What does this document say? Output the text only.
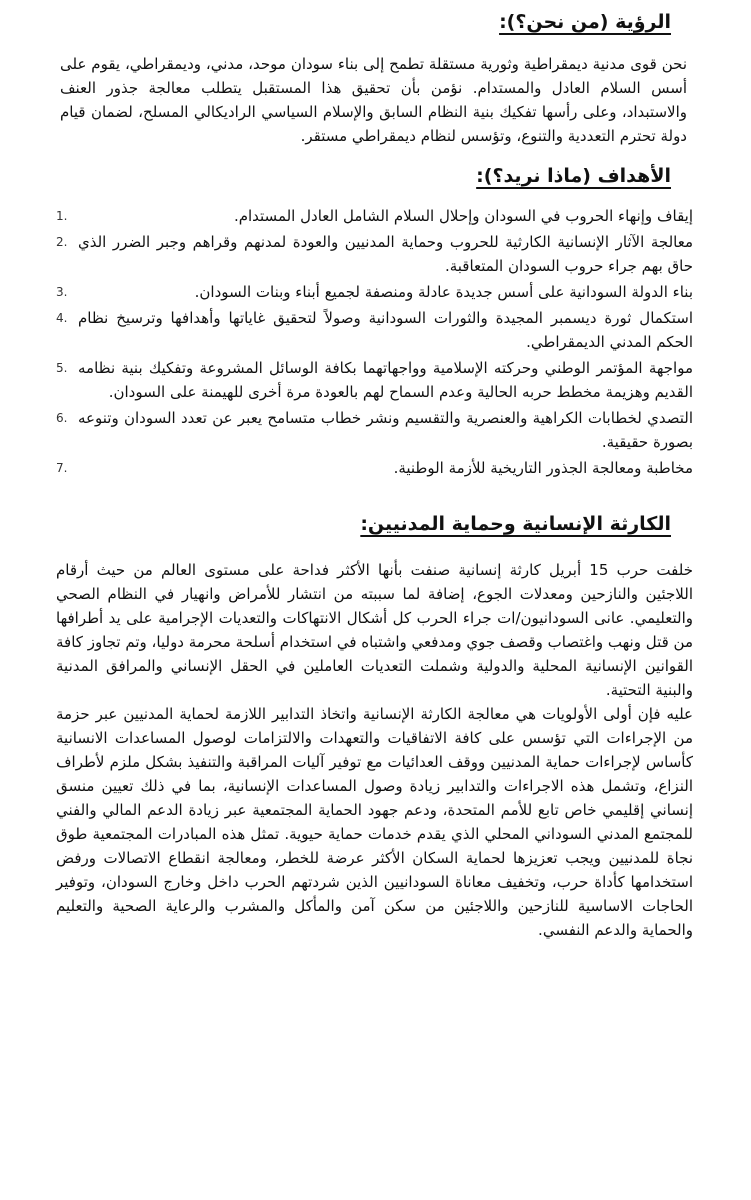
الرؤية (من نحن؟):

نحن قوى مدنية ديمقراطية وثورية مستقلة تطمح إلى بناء سودان موحد، مدني، وديمقراطي، يقوم على أسس السلام العادل والمستدام. نؤمن بأن تحقيق هذا المستقبل يتطلب معالجة جذور العنف والاستبداد، وعلى رأسها تفكيك بنية النظام السابق والإسلام السياسي الراديكالي المسلح، لضمان قيام دولة تحترم التعددية والتنوع، وتؤسس لنظام ديمقراطي مستقر.

الأهداف (ماذا نريد؟):
1.	إيقاف وإنهاء الحروب في السودان وإحلال السلام الشامل العادل المستدام.
2. معالجة الآثار الإنسانية الكارثية للحروب وحماية المدنيين والعودة لمدنهم وقراهم وجبر الضرر الذي حاق بهم جراء حروب السودان المتعاقبة.
3.	بناء الدولة السودانية على أسس جديدة عادلة ومنصفة لجميع أبناء وبنات السودان.
4. استكمال ثورة ديسمبر المجيدة والثورات السودانية وصولاً لتحقيق غاياتها وأهدافها وترسيخ نظام الحكم المدني الديمقراطي.
5. مواجهة المؤتمر الوطني وحركته الإسلامية وواجهاتهما بكافة الوسائل المشروعة وتفكيك بنية نظامه القديم وهزيمة مخطط حربه الحالية وعدم السماح لهم بالعودة مرة أخرى للهيمنة على السودان.
6. التصدي لخطابات الكراهية والعنصرية والتقسيم ونشر خطاب متسامح يعبر عن تعدد السودان وتنوعه بصورة حقيقية.
7.	مخاطبة ومعالجة الجذور التاريخية للأزمة الوطنية.
الكارثة الإنسانية وحماية المدنيين:

خلفت حرب 15 أبريل كارثة إنسانية صنفت بأنها الأكثر فداحة على مستوى العالم من حيث أرقام اللاجئين والنازحين ومعدلات الجوع، إضافة لما سببته من انتشار للأمراض وانهيار في النظام الصحي والتعليمي. عانى السودانيون/ات جراء الحرب كل أشكال الانتهاكات والتعديات الإجرامية على يد أطرافها من قتل ونهب واغتصاب وقصف جوي ومدفعي واشتباه في استخدام أسلحة محرمة دوليا، وتم تجاوز كافة القوانين الإنسانية المحلية والدولية وشملت التعديات العاملين في الحقل الإنساني والمرافق المدنية والبنية التحتية.

عليه فإن أولى الأولويات هي معالجة الكارثة الإنسانية واتخاذ التدابير اللازمة لحماية المدنيين عبر حزمة من الإجراءات التي تؤسس على كافة الاتفاقيات والتعهدات والالتزامات لوصول المساعدات الانسانية كأساس لإجراءات حماية المدنيين ووقف العدائيات مع توفير آليات المراقبة والتنفيذ بشكل ملزم لأطراف النزاع، وتشمل هذه الاجراءات والتدابير زيادة وصول المساعدات الإنسانية، بما في ذلك تعيين منسق إنساني إقليمي خاص تابع للأمم المتحدة، ودعم جهود الحماية المجتمعية عبر زيادة الدعم المالي والفني للمجتمع المدني السوداني المحلي الذي يقدم خدمات حماية حيوية. تمثل هذه المبادرات المجتمعية طوق نجاة للمدنيين ويجب تعزيزها لحماية السكان الأكثر عرضة للخطر، ومعالجة انقطاع الاتصالات ورفض استخدامها كأداة حرب، وتخفيف معاناة السودانيين الذين شردتهم الحرب داخل وخارج السودان، وتوفير الحاجات الاساسية للنازحين واللاجئين من سكن آمن والمأكل والمشرب والرعاية الصحية والتعليم والحماية والدعم النفسي.
